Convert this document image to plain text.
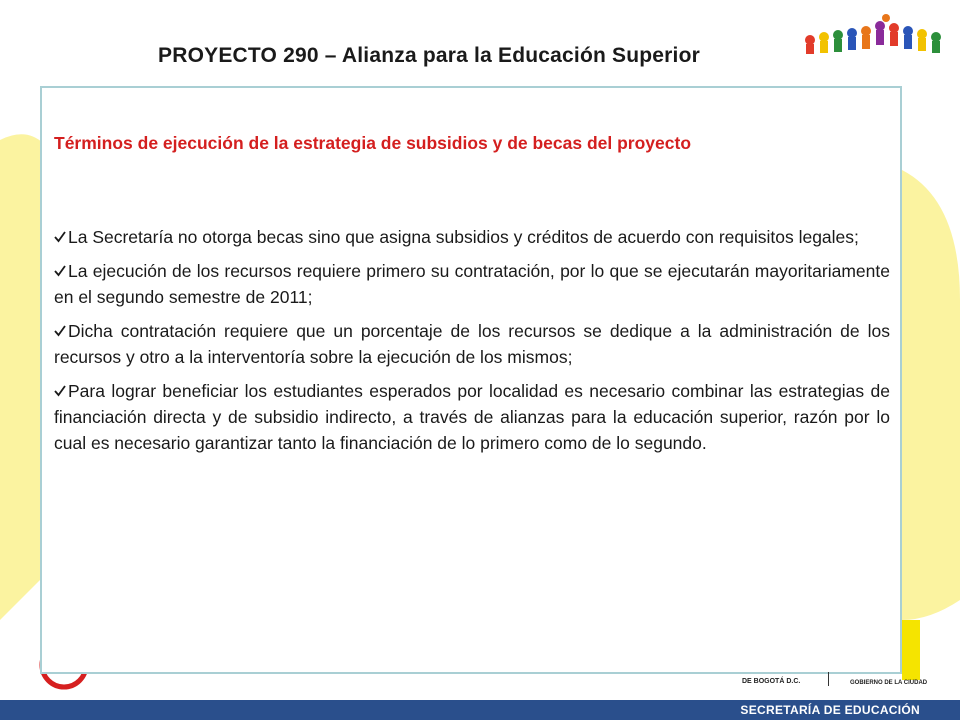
PROYECTO 290 – Alianza para la Educación Superior
Términos de ejecución de la estrategia de subsidios y de becas del proyecto
La Secretaría no otorga becas sino que asigna subsidios y créditos de acuerdo con requisitos legales;
La ejecución de los recursos requiere primero su contratación, por lo que se ejecutarán mayoritariamente en el segundo semestre de 2011;
Dicha contratación requiere que un porcentaje de los recursos se dedique a la administración de los recursos y otro a la interventoría sobre la ejecución de los mismos;
Para lograr beneficiar los estudiantes esperados por localidad es necesario combinar las estrategias de financiación directa y de subsidio indirecto, a través de alianzas para la educación superior, razón por lo cual es necesario garantizar tanto la financiación de lo primero como de lo segundo.
DE BOGOTÁ D.C.	GOBIERNO DE LA CIUDAD
SECRETARÍA DE EDUCACIÓN
